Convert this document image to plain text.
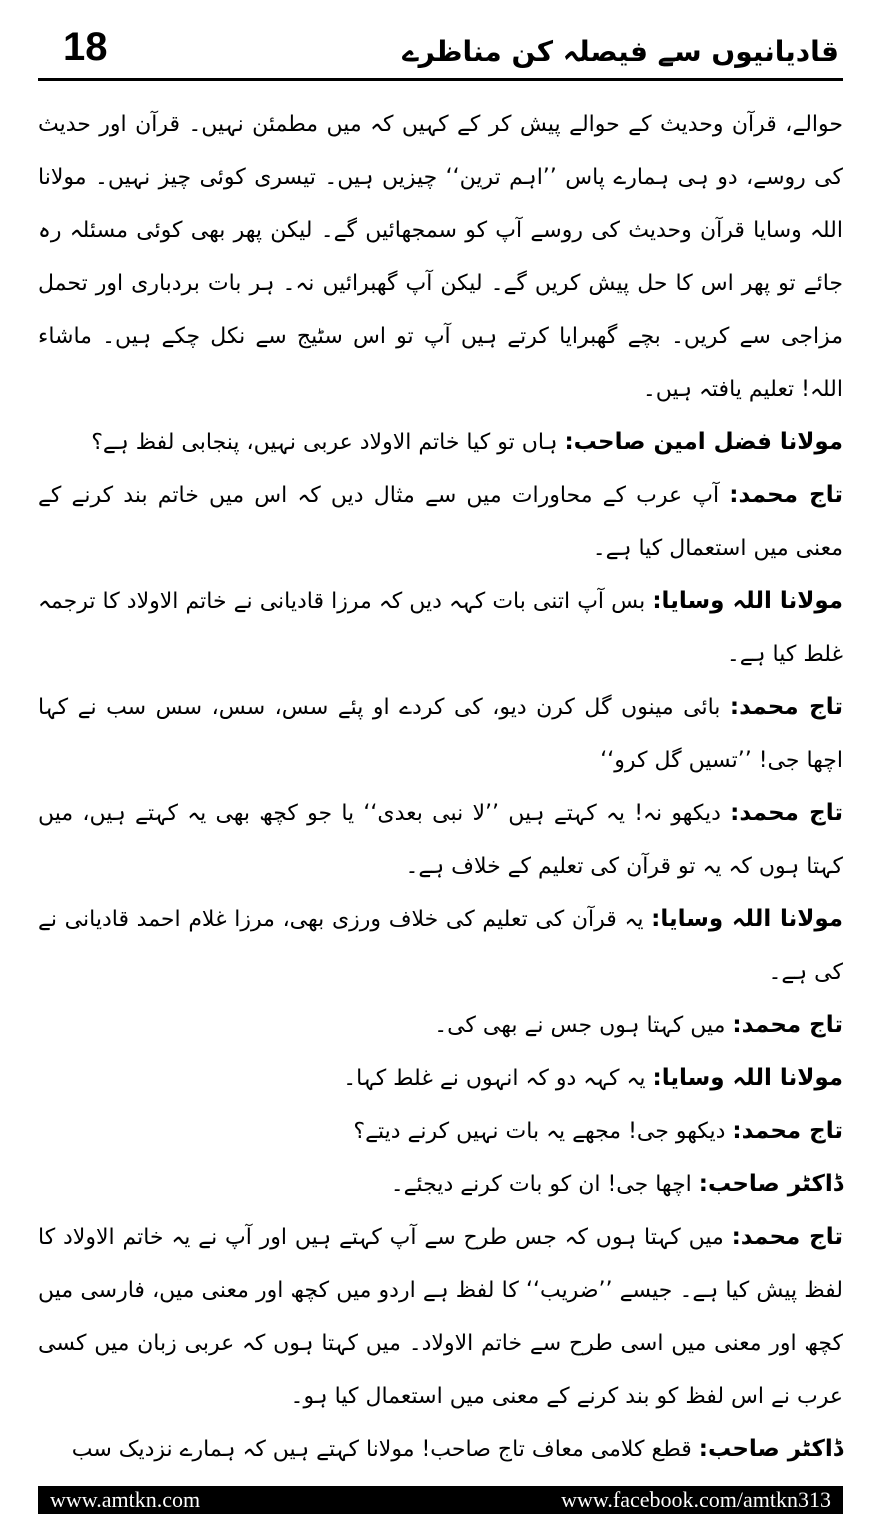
18	قادیانیوں سے فیصلہ کن مناظرے

حوالے، قرآن وحدیث کے حوالے پیش کر کے کہیں کہ میں مطمئن نہیں۔ قرآن اور حدیث کی روسے، دو ہی ہمارے پاس ’’اہم ترین‘‘ چیزیں ہیں۔ تیسری کوئی چیز نہیں۔ مولانا اللہ وسایا قرآن وحدیث کی روسے آپ کو سمجھائیں گے۔ لیکن پھر بھی کوئی مسئلہ رہ جائے تو پھر اس کا حل پیش کریں گے۔ لیکن آپ گھبرائیں نہ۔ ہر بات بردباری اور تحمل مزاجی سے کریں۔ بچے گھبرایا کرتے ہیں آپ تو اس سٹیج سے نکل چکے ہیں۔ ماشاء اللہ! تعلیم یافتہ ہیں۔

مولانا فضل امین صاحب: ہاں تو کیا خاتم الاولاد عربی نہیں، پنجابی لفظ ہے؟

تاج محمد: آپ عرب کے محاورات میں سے مثال دیں کہ اس میں خاتم بند کرنے کے معنی میں استعمال کیا ہے۔

مولانا اللہ وسایا: بس آپ اتنی بات کہہ دیں کہ مرزا قادیانی نے خاتم الاولاد کا ترجمہ غلط کیا ہے۔

تاج محمد: بائی مینوں گل کرن دیو، کی کردے او پئے سس، سس، سس سب نے کہا اچھا جی! ’’تسیں گل کرو‘‘

تاج محمد: دیکھو نہ! یہ کہتے ہیں ’’لا نبی بعدی‘‘ یا جو کچھ بھی یہ کہتے ہیں، میں کہتا ہوں کہ یہ تو قرآن کی تعلیم کے خلاف ہے۔

مولانا اللہ وسایا: یہ قرآن کی تعلیم کی خلاف ورزی بھی، مرزا غلام احمد قادیانی نے کی ہے۔

تاج محمد: میں کہتا ہوں جس نے بھی کی۔

مولانا اللہ وسایا: یہ کہہ دو کہ انہوں نے غلط کہا۔

تاج محمد: دیکھو جی! مجھے یہ بات نہیں کرنے دیتے؟

ڈاکٹر صاحب: اچھا جی! ان کو بات کرنے دیجئے۔

تاج محمد: میں کہتا ہوں کہ جس طرح سے آپ کہتے ہیں اور آپ نے یہ خاتم الاولاد کا لفظ پیش کیا ہے۔ جیسے ’’ضریب‘‘ کا لفظ ہے اردو میں کچھ اور معنی میں، فارسی میں کچھ اور معنی میں اسی طرح سے خاتم الاولاد۔ میں کہتا ہوں کہ عربی زبان میں کسی عرب نے اس لفظ کو بند کرنے کے معنی میں استعمال کیا ہو۔

ڈاکٹر صاحب: قطع کلامی معاف تاج صاحب! مولانا کہتے ہیں کہ ہمارے نزدیک سب

www.amtkn.com	www.facebook.com/amtkn313
